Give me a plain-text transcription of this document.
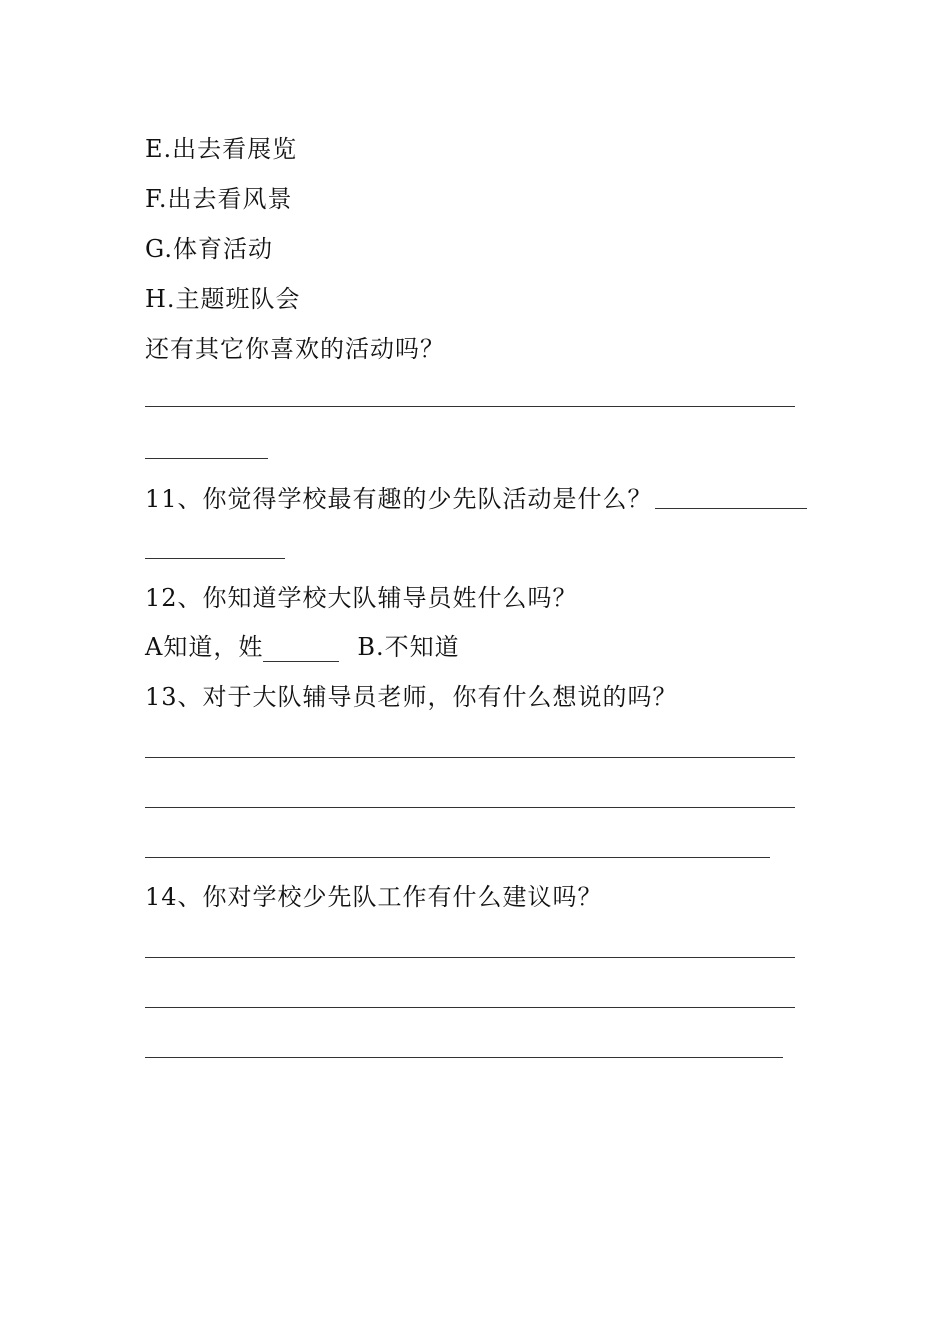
E.出去看展览
F.出去看风景
G.体育活动
H.主题班队会
还有其它你喜欢的活动吗？
11、你觉得学校最有趣的少先队活动是什么？
12、你知道学校大队辅导员姓什么吗？
A知道，姓	B.不知道
13、对于大队辅导员老师，你有什么想说的吗？
14、你对学校少先队工作有什么建议吗？
